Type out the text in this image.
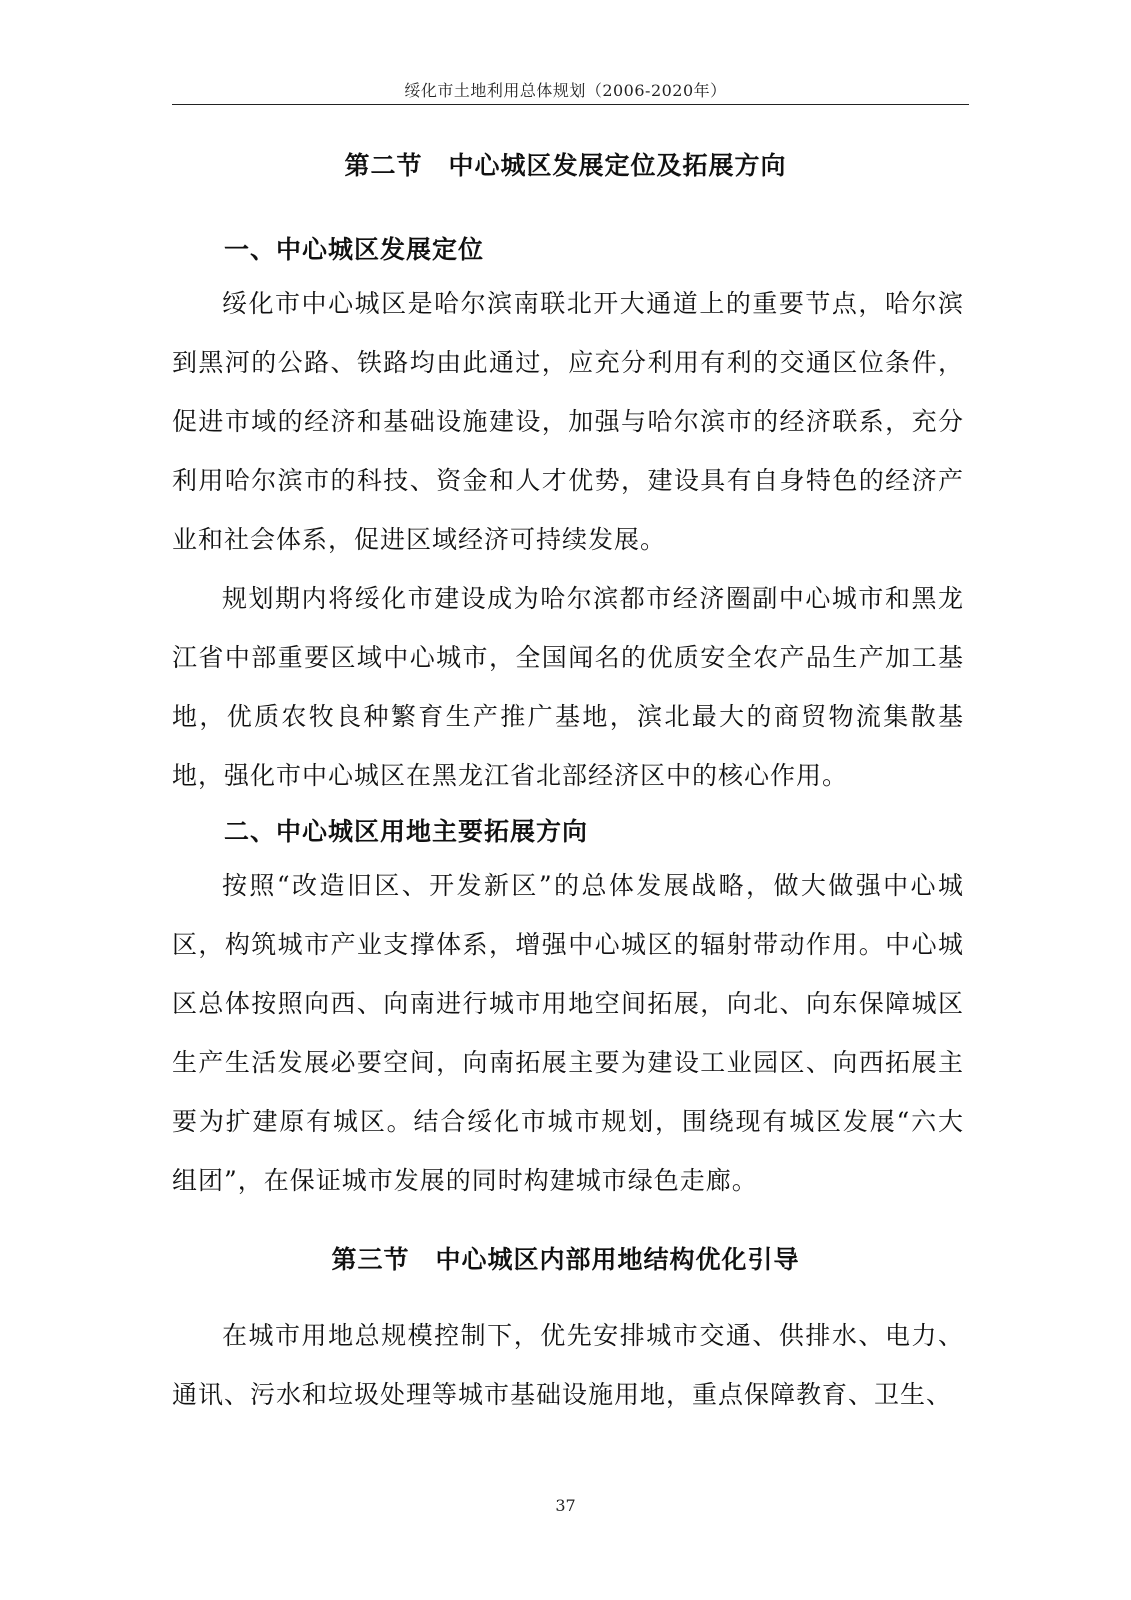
绥化市土地利用总体规划（2006-2020年）
第二节　中心城区发展定位及拓展方向
一、中心城区发展定位

绥化市中心城区是哈尔滨南联北开大通道上的重要节点，哈尔滨到黑河的公路、铁路均由此通过，应充分利用有利的交通区位条件，促进市域的经济和基础设施建设，加强与哈尔滨市的经济联系，充分利用哈尔滨市的科技、资金和人才优势，建设具有自身特色的经济产业和社会体系，促进区域经济可持续发展。

规划期内将绥化市建设成为哈尔滨都市经济圈副中心城市和黑龙江省中部重要区域中心城市，全国闻名的优质安全农产品生产加工基地，优质农牧良种繁育生产推广基地，滨北最大的商贸物流集散基地，强化市中心城区在黑龙江省北部经济区中的核心作用。

二、中心城区用地主要拓展方向

按照“改造旧区、开发新区”的总体发展战略，做大做强中心城区，构筑城市产业支撑体系，增强中心城区的辐射带动作用。中心城区总体按照向西、向南进行城市用地空间拓展，向北、向东保障城区生产生活发展必要空间，向南拓展主要为建设工业园区、向西拓展主要为扩建原有城区。结合绥化市城市规划，围绕现有城区发展“六大组团”，在保证城市发展的同时构建城市绿色走廊。

第三节　中心城区内部用地结构优化引导

在城市用地总规模控制下，优先安排城市交通、供排水、电力、通讯、污水和垃圾处理等城市基础设施用地，重点保障教育、卫生、

37
